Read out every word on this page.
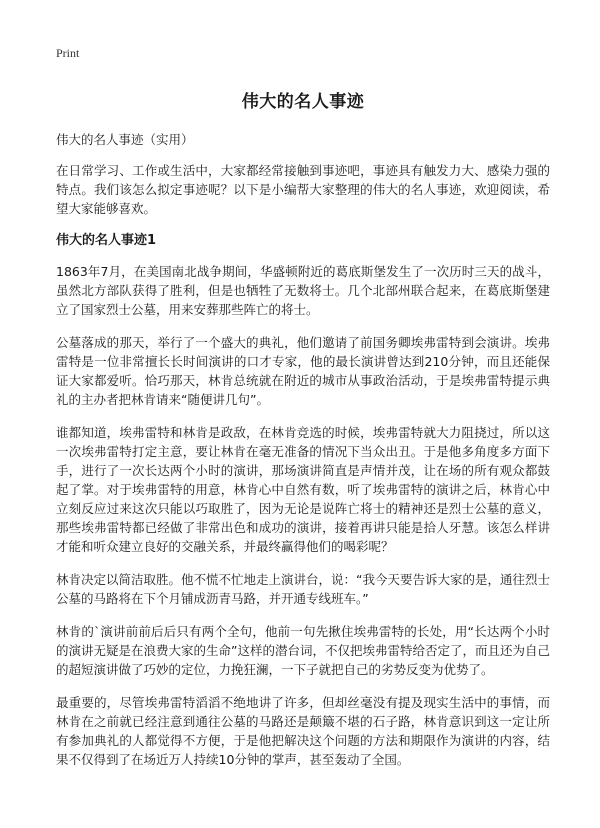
Print
伟大的名人事迹
伟大的名人事迹（实用）

在日常学习、工作或生活中，大家都经常接触到事迹吧，事迹具有触发力大、感染力强的特点。我们该怎么拟定事迹呢？以下是小编帮大家整理的伟大的名人事迹，欢迎阅读，希望大家能够喜欢。

伟大的名人事迹1

1863年7月，在美国南北战争期间，华盛顿附近的葛底斯堡发生了一次历时三天的战斗，虽然北方部队获得了胜利，但是也牺牲了无数将士。几个北部州联合起来，在葛底斯堡建立了国家烈士公墓，用来安葬那些阵亡的将士。

公墓落成的那天，举行了一个盛大的典礼，他们邀请了前国务卿埃弗雷特到会演讲。埃弗雷特是一位非常擅长长时间演讲的口才专家，他的最长演讲曾达到210分钟，而且还能保证大家都爱听。恰巧那天，林肯总统就在附近的城市从事政治活动，于是埃弗雷特提示典礼的主办者把林肯请来“随便讲几句”。

谁都知道，埃弗雷特和林肯是政敌，在林肯竞选的时候，埃弗雷特就大力阻挠过，所以这一次埃弗雷特打定主意，要让林肯在毫无准备的情况下当众出丑。于是他多角度多方面下手，进行了一次长达两个小时的演讲，那场演讲简直是声情并茂，让在场的所有观众都鼓起了掌。对于埃弗雷特的用意，林肯心中自然有数，听了埃弗雷特的演讲之后，林肯心中立刻反应过来这次只能以巧取胜了，因为无论是说阵亡将士的精神还是烈士公墓的意义，那些埃弗雷特都已经做了非常出色和成功的演讲，接着再讲只能是拾人牙慧。该怎么样讲才能和听众建立良好的交融关系，并最终赢得他们的喝彩呢？

林肯决定以简洁取胜。他不慌不忙地走上演讲台，说：“我今天要告诉大家的是，通往烈士公墓的马路将在下个月铺成沥青马路，并开通专线班车。”

林肯的`演讲前前后后只有两个全句，他前一句先揪住埃弗雷特的长处，用“长达两个小时的演讲无疑是在浪费大家的生命”这样的潜台词，不仅把埃弗雷特给否定了，而且还为自己的超短演讲做了巧妙的定位，力挽狂澜，一下子就把自己的劣势反变为优势了。

最重要的，尽管埃弗雷特滔滔不绝地讲了许多，但却丝毫没有提及现实生活中的事情，而林肯在之前就已经注意到通往公墓的马路还是颠簸不堪的石子路，林肯意识到这一定让所有参加典礼的人都觉得不方便，于是他把解决这个问题的方法和期限作为演讲的内容，结果不仅得到了在场近万人持续10分钟的掌声，甚至轰动了全国。
